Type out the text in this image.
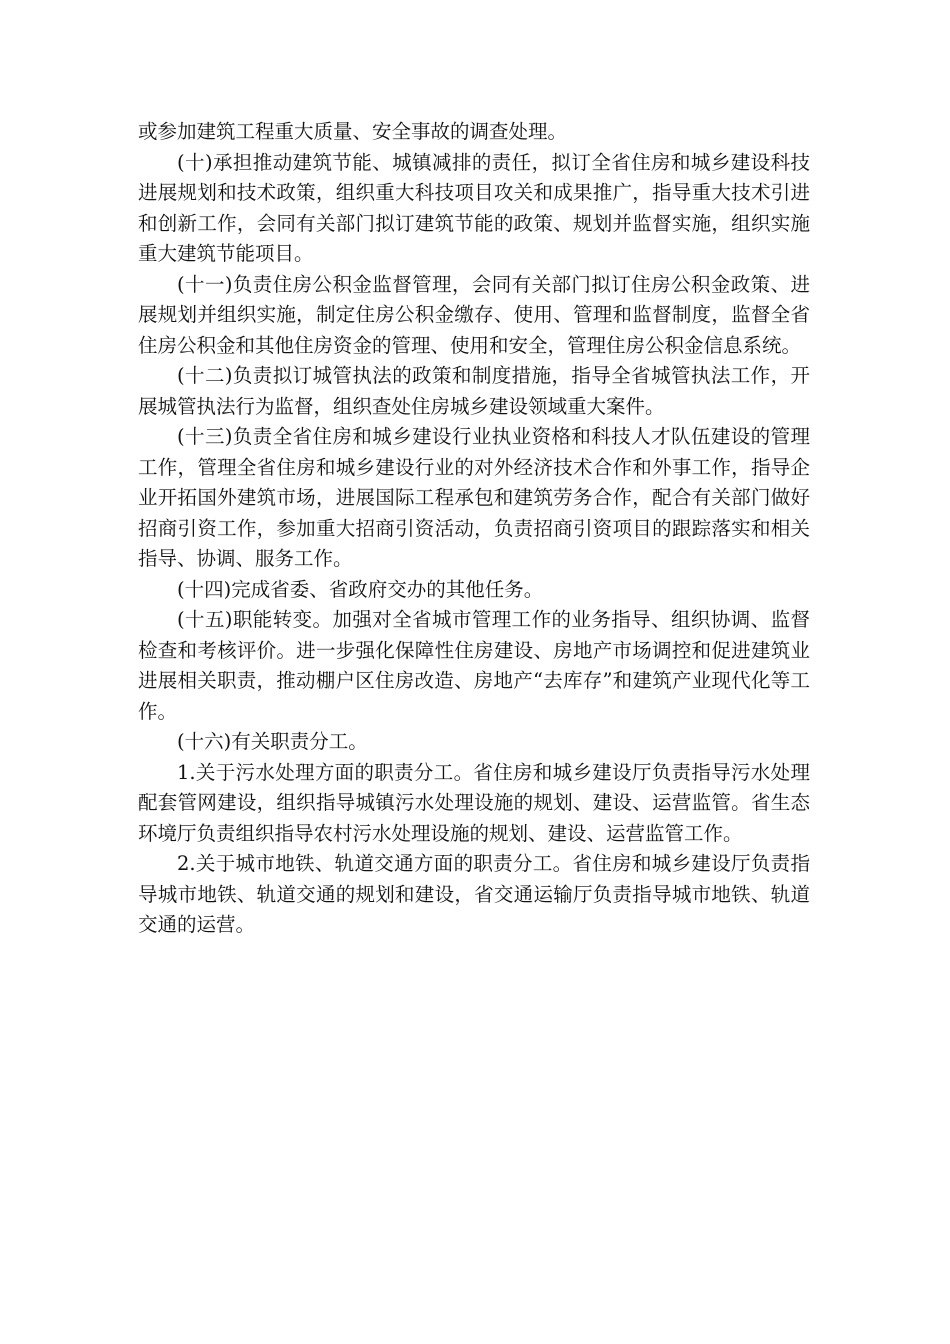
或参加建筑工程重大质量、安全事故的调查处理。

(十)承担推动建筑节能、城镇减排的责任，拟订全省住房和城乡建设科技进展规划和技术政策，组织重大科技项目攻关和成果推广，指导重大技术引进和创新工作，会同有关部门拟订建筑节能的政策、规划并监督实施，组织实施重大建筑节能项目。

(十一)负责住房公积金监督管理，会同有关部门拟订住房公积金政策、进展规划并组织实施，制定住房公积金缴存、使用、管理和监督制度，监督全省住房公积金和其他住房资金的管理、使用和安全，管理住房公积金信息系统。

(十二)负责拟订城管执法的政策和制度措施，指导全省城管执法工作，开展城管执法行为监督，组织查处住房城乡建设领域重大案件。

(十三)负责全省住房和城乡建设行业执业资格和科技人才队伍建设的管理工作，管理全省住房和城乡建设行业的对外经济技术合作和外事工作，指导企业开拓国外建筑市场，进展国际工程承包和建筑劳务合作，配合有关部门做好招商引资工作，参加重大招商引资活动，负责招商引资项目的跟踪落实和相关指导、协调、服务工作。

(十四)完成省委、省政府交办的其他任务。

(十五)职能转变。加强对全省城市管理工作的业务指导、组织协调、监督检查和考核评价。进一步强化保障性住房建设、房地产市场调控和促进建筑业进展相关职责，推动棚户区住房改造、房地产“去库存”和建筑产业现代化等工作。

(十六)有关职责分工。

1.关于污水处理方面的职责分工。省住房和城乡建设厅负责指导污水处理配套管网建设，组织指导城镇污水处理设施的规划、建设、运营监管。省生态环境厅负责组织指导农村污水处理设施的规划、建设、运营监管工作。

2.关于城市地铁、轨道交通方面的职责分工。省住房和城乡建设厅负责指导城市地铁、轨道交通的规划和建设，省交通运输厅负责指导城市地铁、轨道交通的运营。
